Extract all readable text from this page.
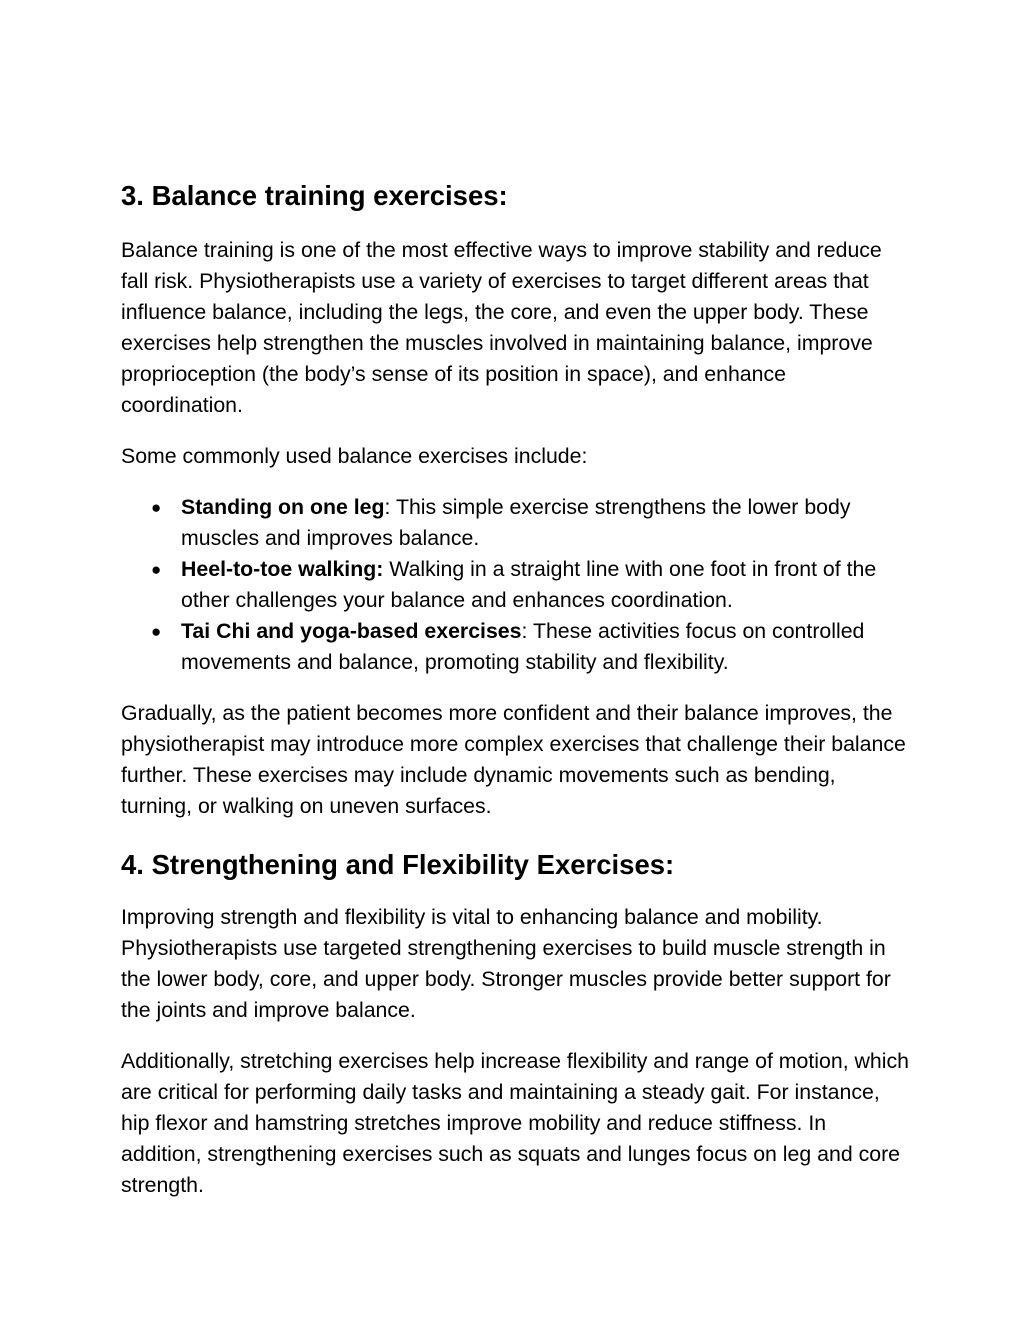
3. Balance training exercises:

Balance training is one of the most effective ways to improve stability and reduce fall risk. Physiotherapists use a variety of exercises to target different areas that influence balance, including the legs, the core, and even the upper body. These exercises help strengthen the muscles involved in maintaining balance, improve proprioception (the body’s sense of its position in space), and enhance coordination.

Some commonly used balance exercises include:

● Standing on one leg: This simple exercise strengthens the lower body muscles and improves balance.
● Heel-to-toe walking: Walking in a straight line with one foot in front of the other challenges your balance and enhances coordination.
● Tai Chi and yoga-based exercises: These activities focus on controlled movements and balance, promoting stability and flexibility.

Gradually, as the patient becomes more confident and their balance improves, the physiotherapist may introduce more complex exercises that challenge their balance further. These exercises may include dynamic movements such as bending, turning, or walking on uneven surfaces.

4. Strengthening and Flexibility Exercises:

Improving strength and flexibility is vital to enhancing balance and mobility. Physiotherapists use targeted strengthening exercises to build muscle strength in the lower body, core, and upper body. Stronger muscles provide better support for the joints and improve balance.

Additionally, stretching exercises help increase flexibility and range of motion, which are critical for performing daily tasks and maintaining a steady gait. For instance, hip flexor and hamstring stretches improve mobility and reduce stiffness. In addition, strengthening exercises such as squats and lunges focus on leg and core strength.
